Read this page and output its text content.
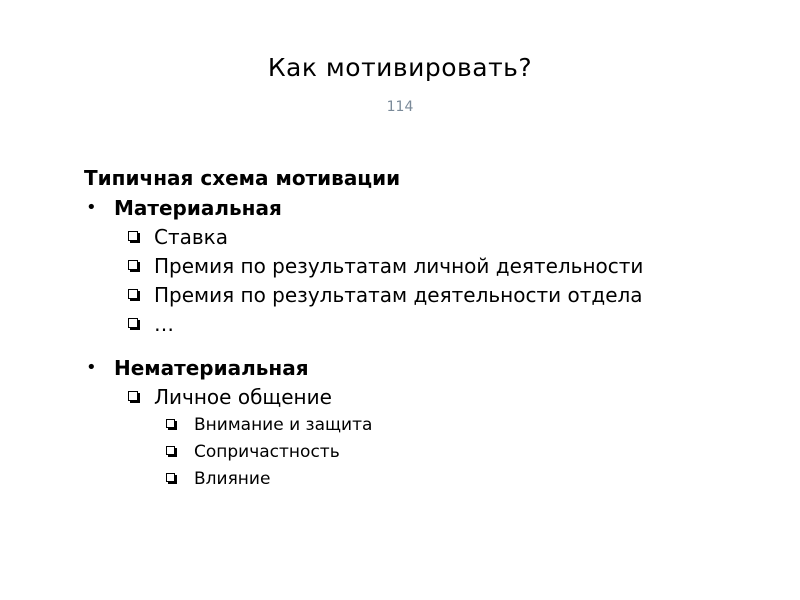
Как мотивировать?
114

Типичная схема мотивации

• Материальная
Ставка
Премия по результатам личной деятельности
Премия по результатам деятельности отдела
…
• Нематериальная
Личное общение
Внимание и защита
Сопричастность
Влияние
